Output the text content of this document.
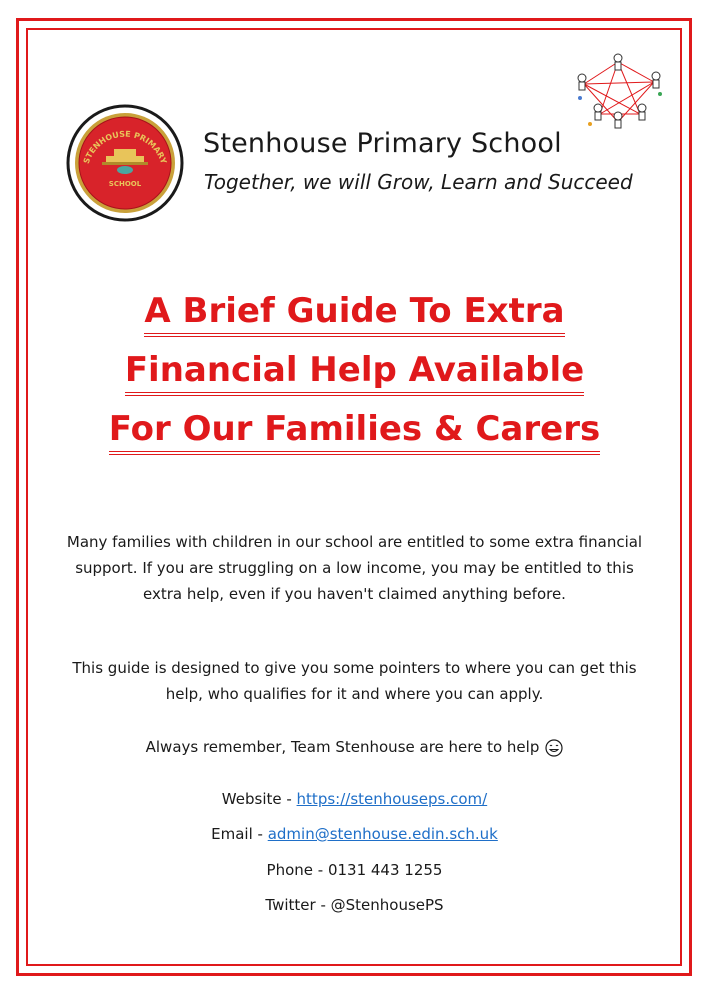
STENHOUSE PRIMARY
SCHOOL
Stenhouse Primary School
Together, we will Grow, Learn and Succeed
A Brief Guide To Extra
Financial Help Available
For Our Families & Carers
Many families with children in our school are entitled to some extra financial support. If you are struggling on a low income, you may be entitled to this extra help, even if you haven't claimed anything before.
This guide is designed to give you some pointers to where you can get this help, who qualifies for it and where you can apply.
Always remember, Team Stenhouse are here to help
Website - https://stenhouseps.com/
Email - admin@stenhouse.edin.sch.uk
Phone - 0131 443 1255
Twitter - @StenhousePS
